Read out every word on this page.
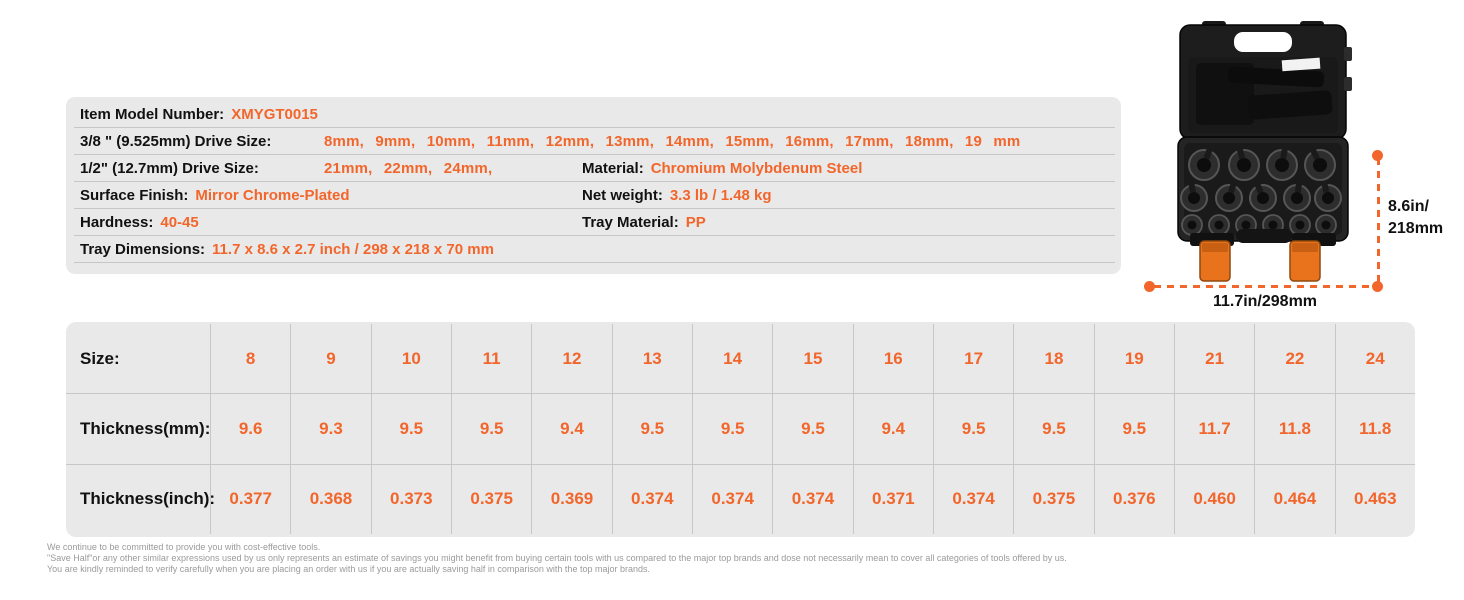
Item Model Number: XMYGT0015
3/8 " (9.525mm) Drive Size:	8mm, 9mm, 10mm, 11mm, 12mm, 13mm, 14mm, 15mm, 16mm, 17mm, 18mm, 19 mm
1/2" (12.7mm) Drive Size:	21mm, 22mm, 24mm,	Material: Chromium Molybdenum Steel
Surface Finish: Mirror Chrome-Plated	Net weight: 3.3 lb / 1.48 kg
Hardness: 40-45	Tray Material: PP
Tray Dimensions: 11.7 x 8.6 x 2.7 inch / 298 x 218 x 70 mm
8.6in/
218mm
11.7in/298mm
Size:	8	9	10	11	12	13	14	15	16	17	18	19	21	22	24
Thickness(mm):	9.6	9.3	9.5	9.5	9.4	9.5	9.5	9.5	9.4	9.5	9.5	9.5	11.7	11.8	11.8
Thickness(inch): 0.377	0.368	0.373	0.375	0.369	0.374	0.374	0.374	0.371	0.374	0.375	0.376	0.460	0.464	0.463
We continue to be committed to provide you with cost-effective tools.
"Save Half"or any other similar expressions used by us only represents an estimate of savings you might benefit from buying certain tools with us compared to the major top brands and dose not necessarily mean to cover all categories of tools offered by us.
You are kindly reminded to verify carefully when you are placing an order with us if you are actually saving half in comparison with the top major brands.
